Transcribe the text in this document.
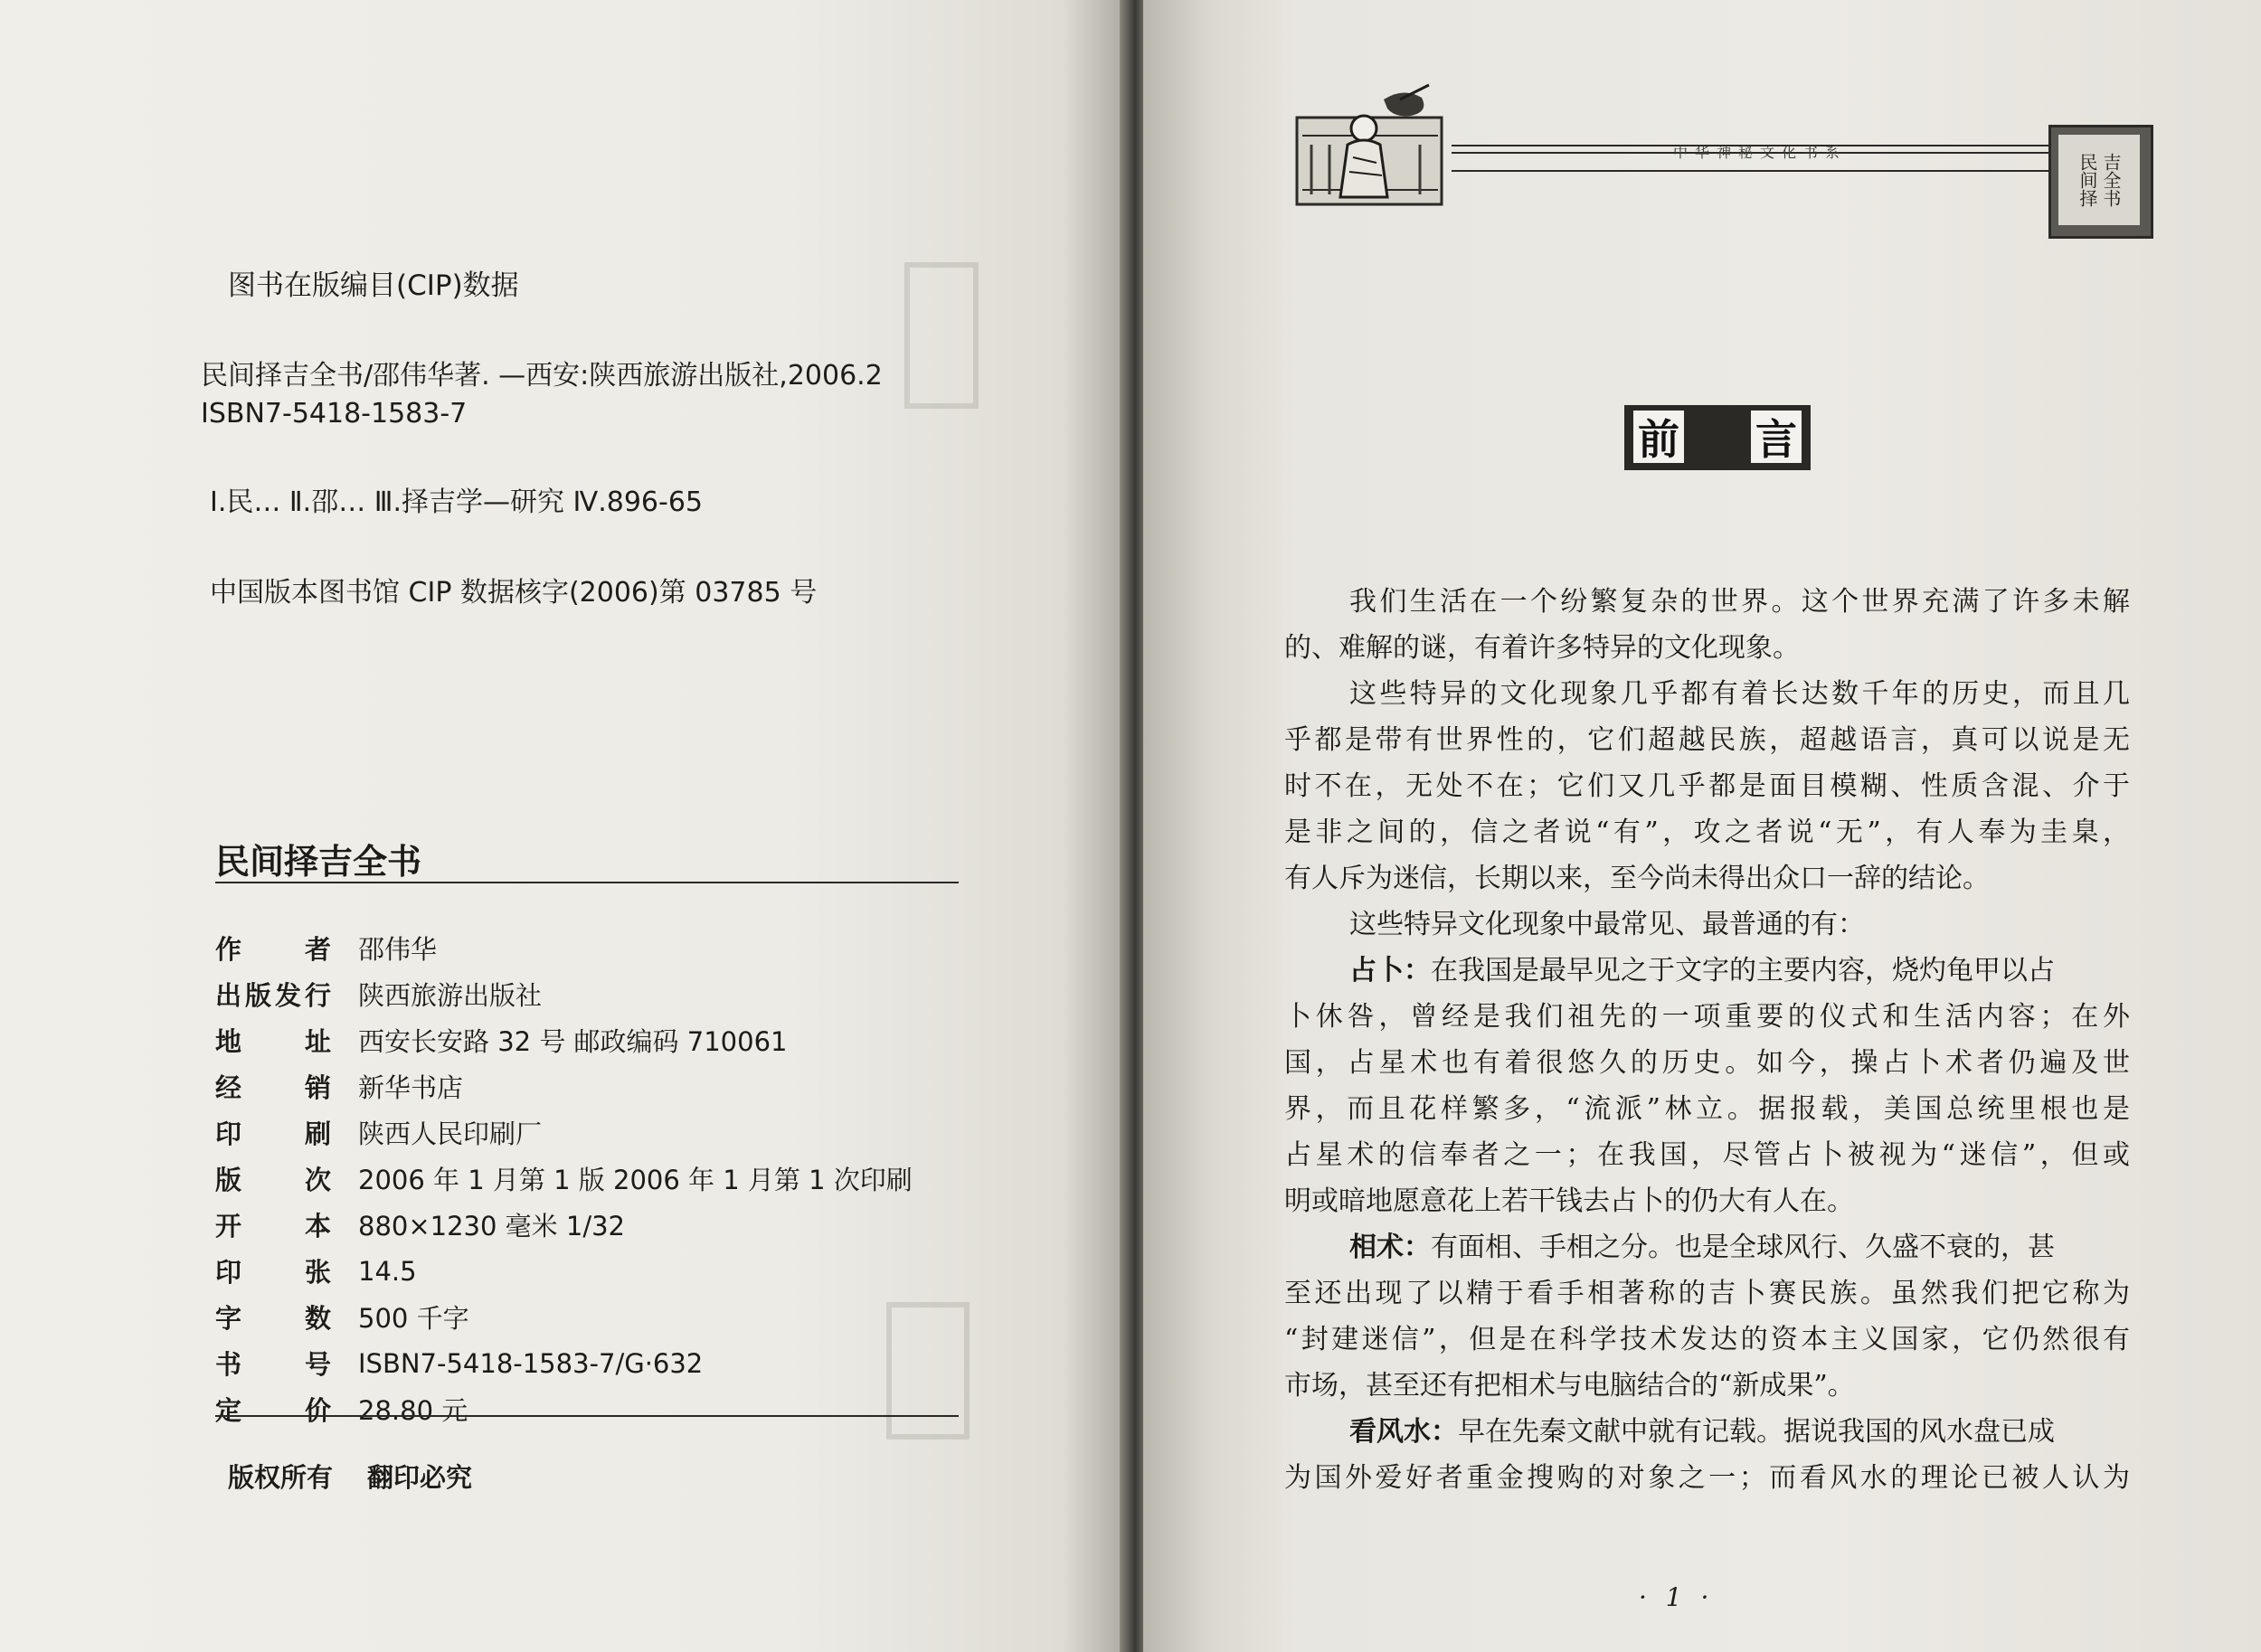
图书在版编目(CIP)数据
民间择吉全书/邵伟华著. —西安:陕西旅游出版社,2006.2
ISBN7-5418-1583-7
Ⅰ.民… Ⅱ.邵… Ⅲ.择吉学—研究 Ⅳ.896-65
中国版本图书馆 CIP 数据核字(2006)第 03785 号
民间择吉全书
作者 邵伟华
出版发行 陕西旅游出版社
地址 西安长安路 32 号 邮政编码 710061
经销 新华书店
印刷 陕西人民印刷厂
版次 2006 年 1 月第 1 版 2006 年 1 月第 1 次印刷
开本 880×1230 毫米 1/32
印张 14.5
字数 500 千字
书号 ISBN7-5418-1583-7/G·632
定价 28.80 元
版权所有 翻印必究
中华神秘文化书系
民间择 吉全书
前 言
我们生活在一个纷繁复杂的世界。这个世界充满了许多未解
的、难解的谜，有着许多特异的文化现象。
这些特异的文化现象几乎都有着长达数千年的历史，而且几
乎都是带有世界性的，它们超越民族，超越语言，真可以说是无
时不在，无处不在；它们又几乎都是面目模糊、性质含混、介于
是非之间的，信之者说“有”，攻之者说“无”，有人奉为圭臬，
有人斥为迷信，长期以来，至今尚未得出众口一辞的结论。
这些特异文化现象中最常见、最普通的有：
占卜： 在我国是最早见之于文字的主要内容，烧灼龟甲以占
卜休咎，曾经是我们祖先的一项重要的仪式和生活内容；在外
国，占星术也有着很悠久的历史。如今，操占卜术者仍遍及世
界，而且花样繁多，“流派”林立。据报载，美国总统里根也是
占星术的信奉者之一；在我国，尽管占卜被视为“迷信”，但或
明或暗地愿意花上若干钱去占卜的仍大有人在。
相术： 有面相、手相之分。也是全球风行、久盛不衰的，甚
至还出现了以精于看手相著称的吉卜赛民族。虽然我们把它称为
“封建迷信”，但是在科学技术发达的资本主义国家，它仍然很有
市场，甚至还有把相术与电脑结合的“新成果”。
看风水： 早在先秦文献中就有记载。据说我国的风水盘已成
为国外爱好者重金搜购的对象之一；而看风水的理论已被人认为
· 1 ·
